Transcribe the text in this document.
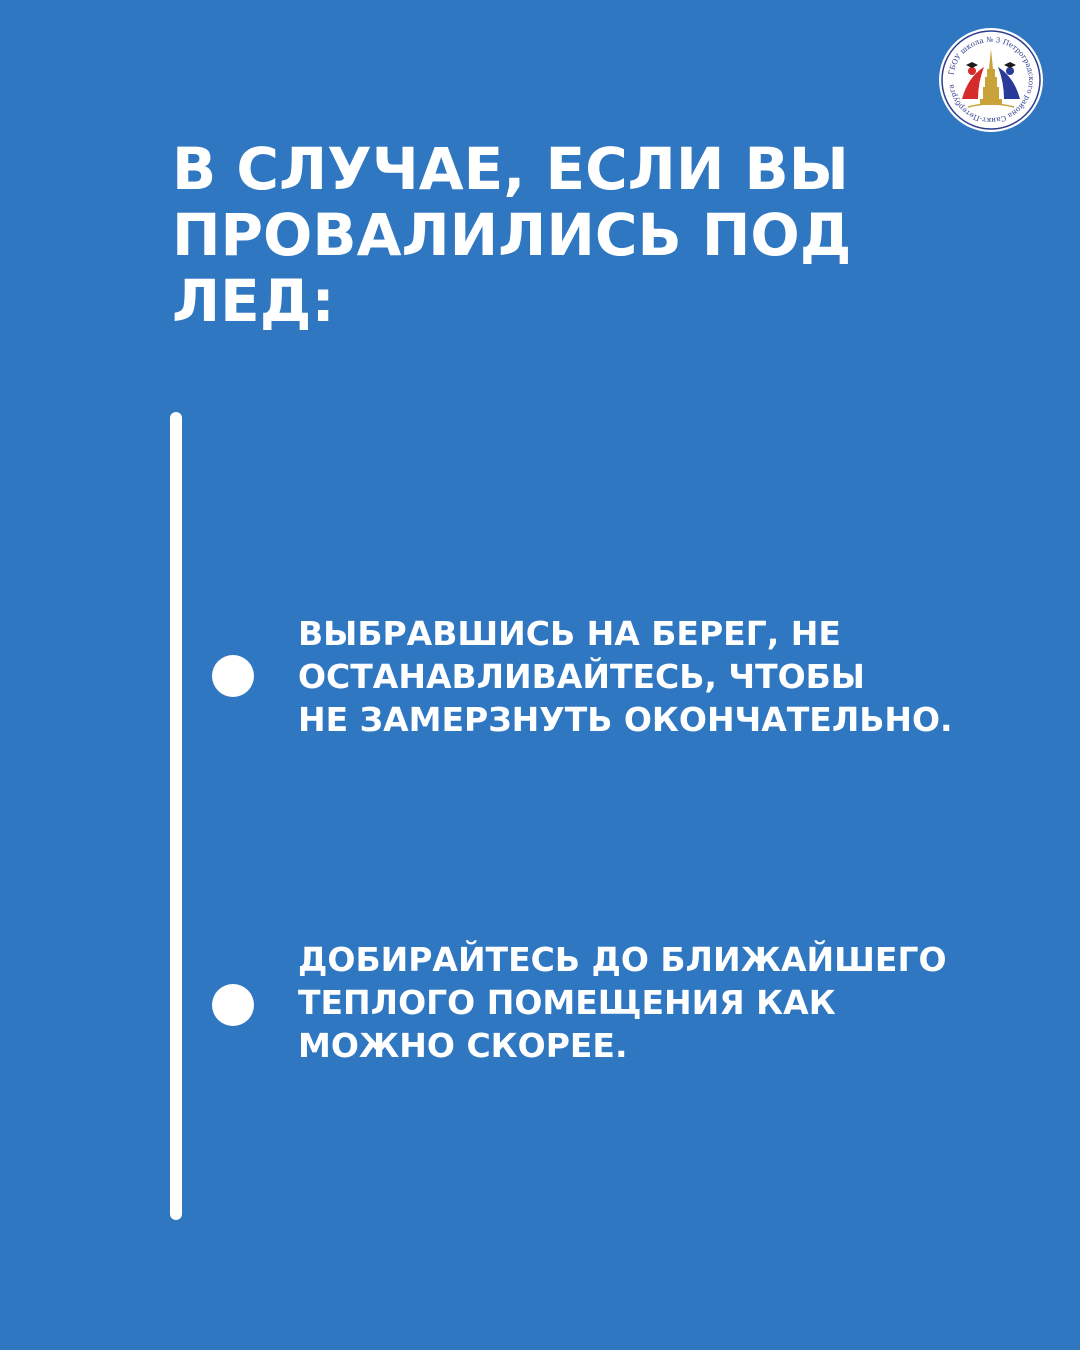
ГБОУ школа № 3 Петроградского района Санкт-Петербурга
В СЛУЧАЕ, ЕСЛИ ВЫ
ПРОВАЛИЛИСЬ ПОД
ЛЕД:
ВЫБРАВШИСЬ НА БЕРЕГ, НЕ
ОСТАНАВЛИВАЙТЕСЬ, ЧТОБЫ
НЕ ЗАМЕРЗНУТЬ ОКОНЧАТЕЛЬНО.
ДОБИРАЙТЕСЬ ДО БЛИЖАЙШЕГО
ТЕПЛОГО ПОМЕЩЕНИЯ КАК
МОЖНО СКОРЕЕ.
